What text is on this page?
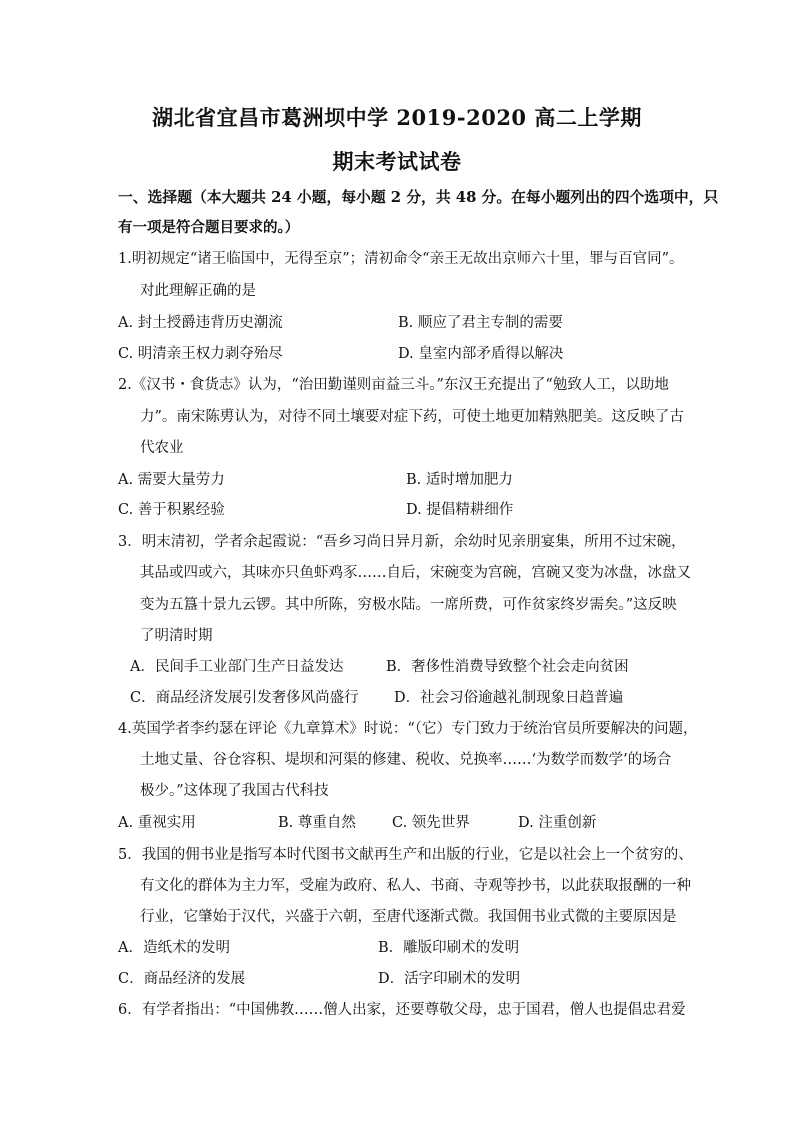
湖北省宜昌市葛洲坝中学 2019-2020 高二上学期
期末考试试卷
一、选择题（本大题共 24 小题，每小题 2 分，共 48 分。在每小题列出的四个选项中，只
有一项是符合题目要求的。）
1.明初规定“诸王临国中，无得至京”；清初命令“亲王无故出京师六十里，罪与百官同”。
对此理解正确的是
A. 封土授爵违背历史潮流	B. 顺应了君主专制的需要
C. 明清亲王权力剥夺殆尽	D. 皇室内部矛盾得以解决
2.《汉书・食货志》认为，“治田勤谨则亩益三斗。”东汉王充提出了“勉致人工，以助地
力”。南宋陈旉认为，对待不同土壤要对症下药，可使土地更加精熟肥美。这反映了古
代农业
A. 需要大量劳力	B. 适时增加肥力
C. 善于积累经验	D. 提倡精耕细作
3．明末清初，学者余起霞说：“吾乡习尚日异月新，余幼时见亲朋宴集，所用不过宋碗，
其品或四或六，其味亦只鱼虾鸡豕……自后，宋碗变为宫碗，宫碗又变为冰盘，冰盘又
变为五簋十景九云锣。其中所陈，穷极水陆。一席所费，可作贫家终岁需矣。”这反映
了明清时期
A．民间手工业部门生产日益发达	B．奢侈性消费导致整个社会走向贫困
C．商品经济发展引发奢侈风尚盛行 D．社会习俗逾越礼制现象日趋普遍
4.英国学者李约瑟在评论《九章算术》时说：“（它）专门致力于统治官员所要解决的问题，
土地丈量、谷仓容积、堤坝和河渠的修建、税收、兑换率……‘为数学而数学’的场合
极少。”这体现了我国古代科技
A. 重视实用	B. 尊重自然 C. 领先世界	D. 注重创新
5．我国的佣书业是指写本时代图书文献再生产和出版的行业，它是以社会上一个贫穷的、
有文化的群体为主力军，受雇为政府、私人、书商、寺观等抄书，以此获取报酬的一种
行业，它肇始于汉代，兴盛于六朝，至唐代逐渐式微。我国佣书业式微的主要原因是
A．造纸术的发明	B．雕版印刷术的发明
C．商品经济的发展	D．活字印刷术的发明
6．有学者指出：“中国佛教……僧人出家，还要尊敬父母，忠于国君，僧人也提倡忠君爱
